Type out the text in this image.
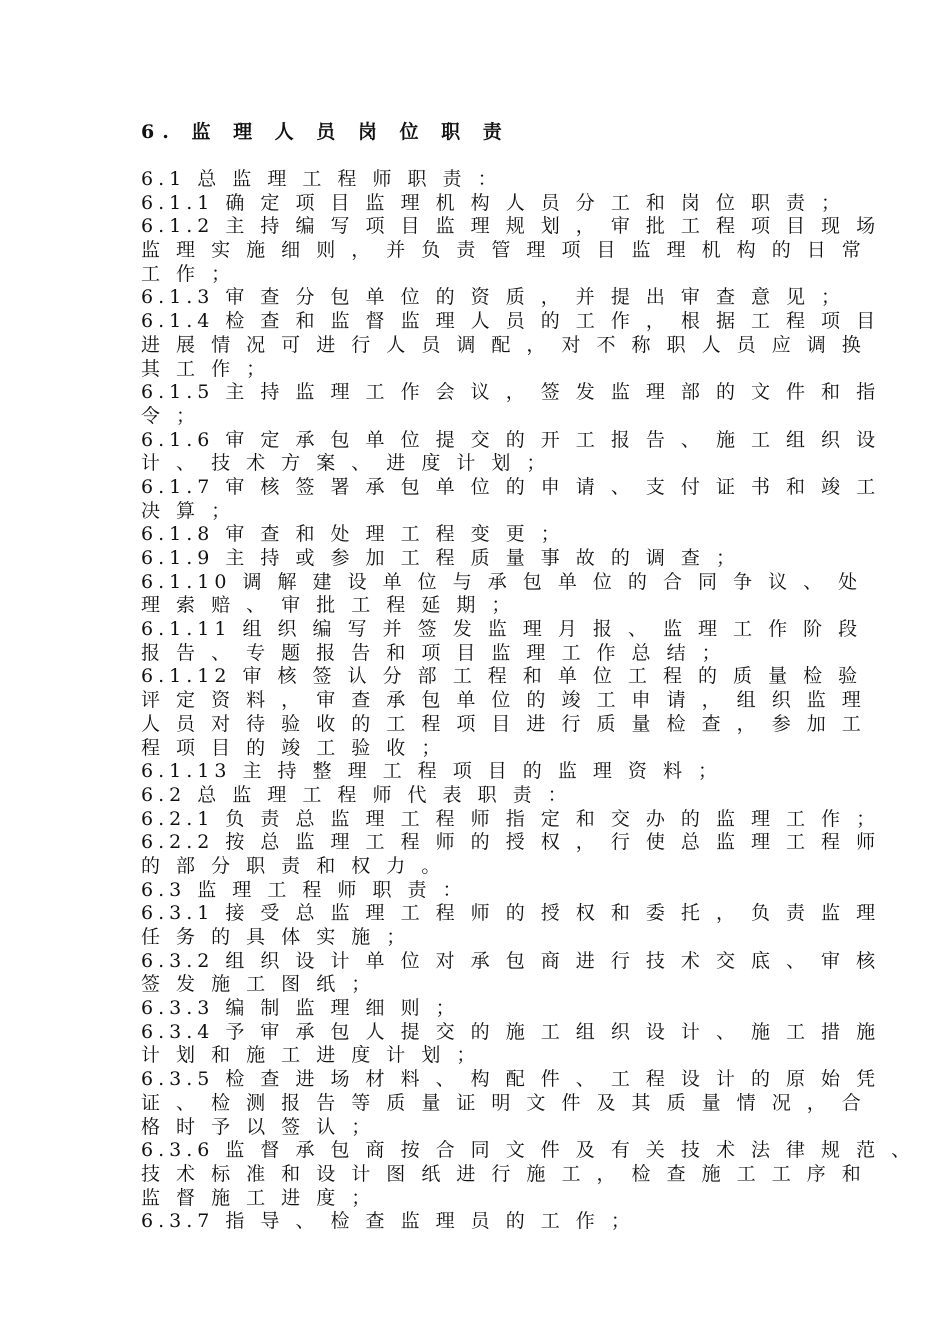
6. 监 理 人 员 岗 位 职 责
6.1 总 监 理 工 程 师 职 责 ：
6.1.1 确 定 项 目 监 理 机 构 人 员 分 工 和 岗 位 职 责 ；
6.1.2 主 持 编 写 项 目 监 理 规 划 ， 审 批 工 程 项 目 现 场
监 理 实 施 细 则 ， 并 负 责 管 理 项 目 监 理 机 构 的 日 常
工 作 ；
6.1.3 审 查 分 包 单 位 的 资 质 ， 并 提 出 审 查 意 见 ；
6.1.4 检 查 和 监 督 监 理 人 员 的 工 作 ， 根 据 工 程 项 目
进 展 情 况 可 进 行 人 员 调 配 ， 对 不 称 职 人 员 应 调 换
其 工 作 ；
6.1.5 主 持 监 理 工 作 会 议 ， 签 发 监 理 部 的 文 件 和 指
令 ；
6.1.6 审 定 承 包 单 位 提 交 的 开 工 报 告 、 施 工 组 织 设
计 、 技 术 方 案 、 进 度 计 划 ；
6.1.7 审 核 签 署 承 包 单 位 的 申 请 、 支 付 证 书 和 竣 工
决 算 ；
6.1.8 审 查 和 处 理 工 程 变 更 ；
6.1.9 主 持 或 参 加 工 程 质 量 事 故 的 调 查 ；
6.1.10 调 解 建 设 单 位 与 承 包 单 位 的 合 同 争 议 、 处
理 索 赔 、 审 批 工 程 延 期 ；
6.1.11 组 织 编 写 并 签 发 监 理 月 报 、 监 理 工 作 阶 段
报 告 、 专 题 报 告 和 项 目 监 理 工 作 总 结 ；
6.1.12 审 核 签 认 分 部 工 程 和 单 位 工 程 的 质 量 检 验
评 定 资 料 ， 审 查 承 包 单 位 的 竣 工 申 请 ， 组 织 监 理
人 员 对 待 验 收 的 工 程 项 目 进 行 质 量 检 查 ， 参 加 工
程 项 目 的 竣 工 验 收 ；
6.1.13 主 持 整 理 工 程 项 目 的 监 理 资 料 ；
6.2 总 监 理 工 程 师 代 表 职 责 ：
6.2.1 负 责 总 监 理 工 程 师 指 定 和 交 办 的 监 理 工 作 ；
6.2.2 按 总 监 理 工 程 师 的 授 权 ， 行 使 总 监 理 工 程 师
的 部 分 职 责 和 权 力 。
6.3 监 理 工 程 师 职 责 ：
6.3.1 接 受 总 监 理 工 程 师 的 授 权 和 委 托 ， 负 责 监 理
任 务 的 具 体 实 施 ；
6.3.2 组 织 设 计 单 位 对 承 包 商 进 行 技 术 交 底 、 审 核
签 发 施 工 图 纸 ；
6.3.3 编 制 监 理 细 则 ；
6.3.4 予 审 承 包 人 提 交 的 施 工 组 织 设 计 、 施 工 措 施
计 划 和 施 工 进 度 计 划 ；
6.3.5 检 查 进 场 材 料 、 构 配 件 、 工 程 设 计 的 原 始 凭
证 、 检 测 报 告 等 质 量 证 明 文 件 及 其 质 量 情 况 ， 合
格 时 予 以 签 认 ；
6.3.6 监 督 承 包 商 按 合 同 文 件 及 有 关 技 术 法 律 规 范 、
技 术 标 准 和 设 计 图 纸 进 行 施 工 ， 检 查 施 工 工 序 和
监 督 施 工 进 度 ；
6.3.7 指 导 、 检 查 监 理 员 的 工 作 ；
